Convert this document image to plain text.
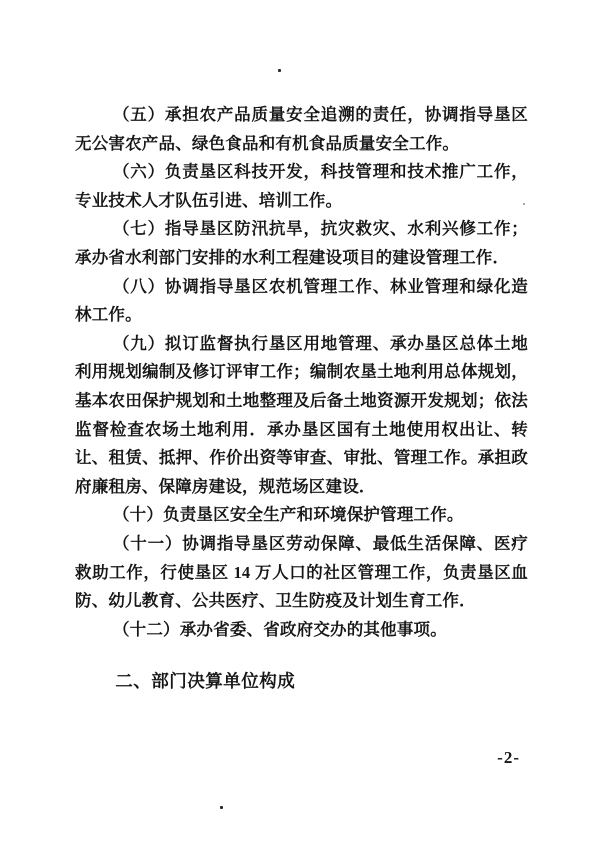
（五）承担农产品质量安全追溯的责任，协调指导垦区无公害农产品、绿色食品和有机食品质量安全工作。

（六）负责垦区科技开发，科技管理和技术推广工作，专业技术人才队伍引进、培训工作。

（七）指导垦区防汛抗旱，抗灾救灾、水利兴修工作；承办省水利部门安排的水利工程建设项目的建设管理工作．

（八）协调指导垦区农机管理工作、林业管理和绿化造林工作。

（九）拟订监督执行垦区用地管理、承办垦区总体土地利用规划编制及修订评审工作；编制农垦土地利用总体规划，基本农田保护规划和土地整理及后备土地资源开发规划；依法监督检查农场土地利用．承办垦区国有土地使用权出让、转让、租赁、抵押、作价出资等审查、审批、管理工作。承担政府廉租房、保障房建设，规范场区建设．

（十）负责垦区安全生产和环境保护管理工作。

（十一）协调指导垦区劳动保障、最低生活保障、医疗救助工作，行使垦区 14 万人口的社区管理工作，负责垦区血防、幼儿教育、公共医疗、卫生防疫及计划生育工作．

（十二）承办省委、省政府交办的其他事项。

二、部门决算单位构成
-2-
